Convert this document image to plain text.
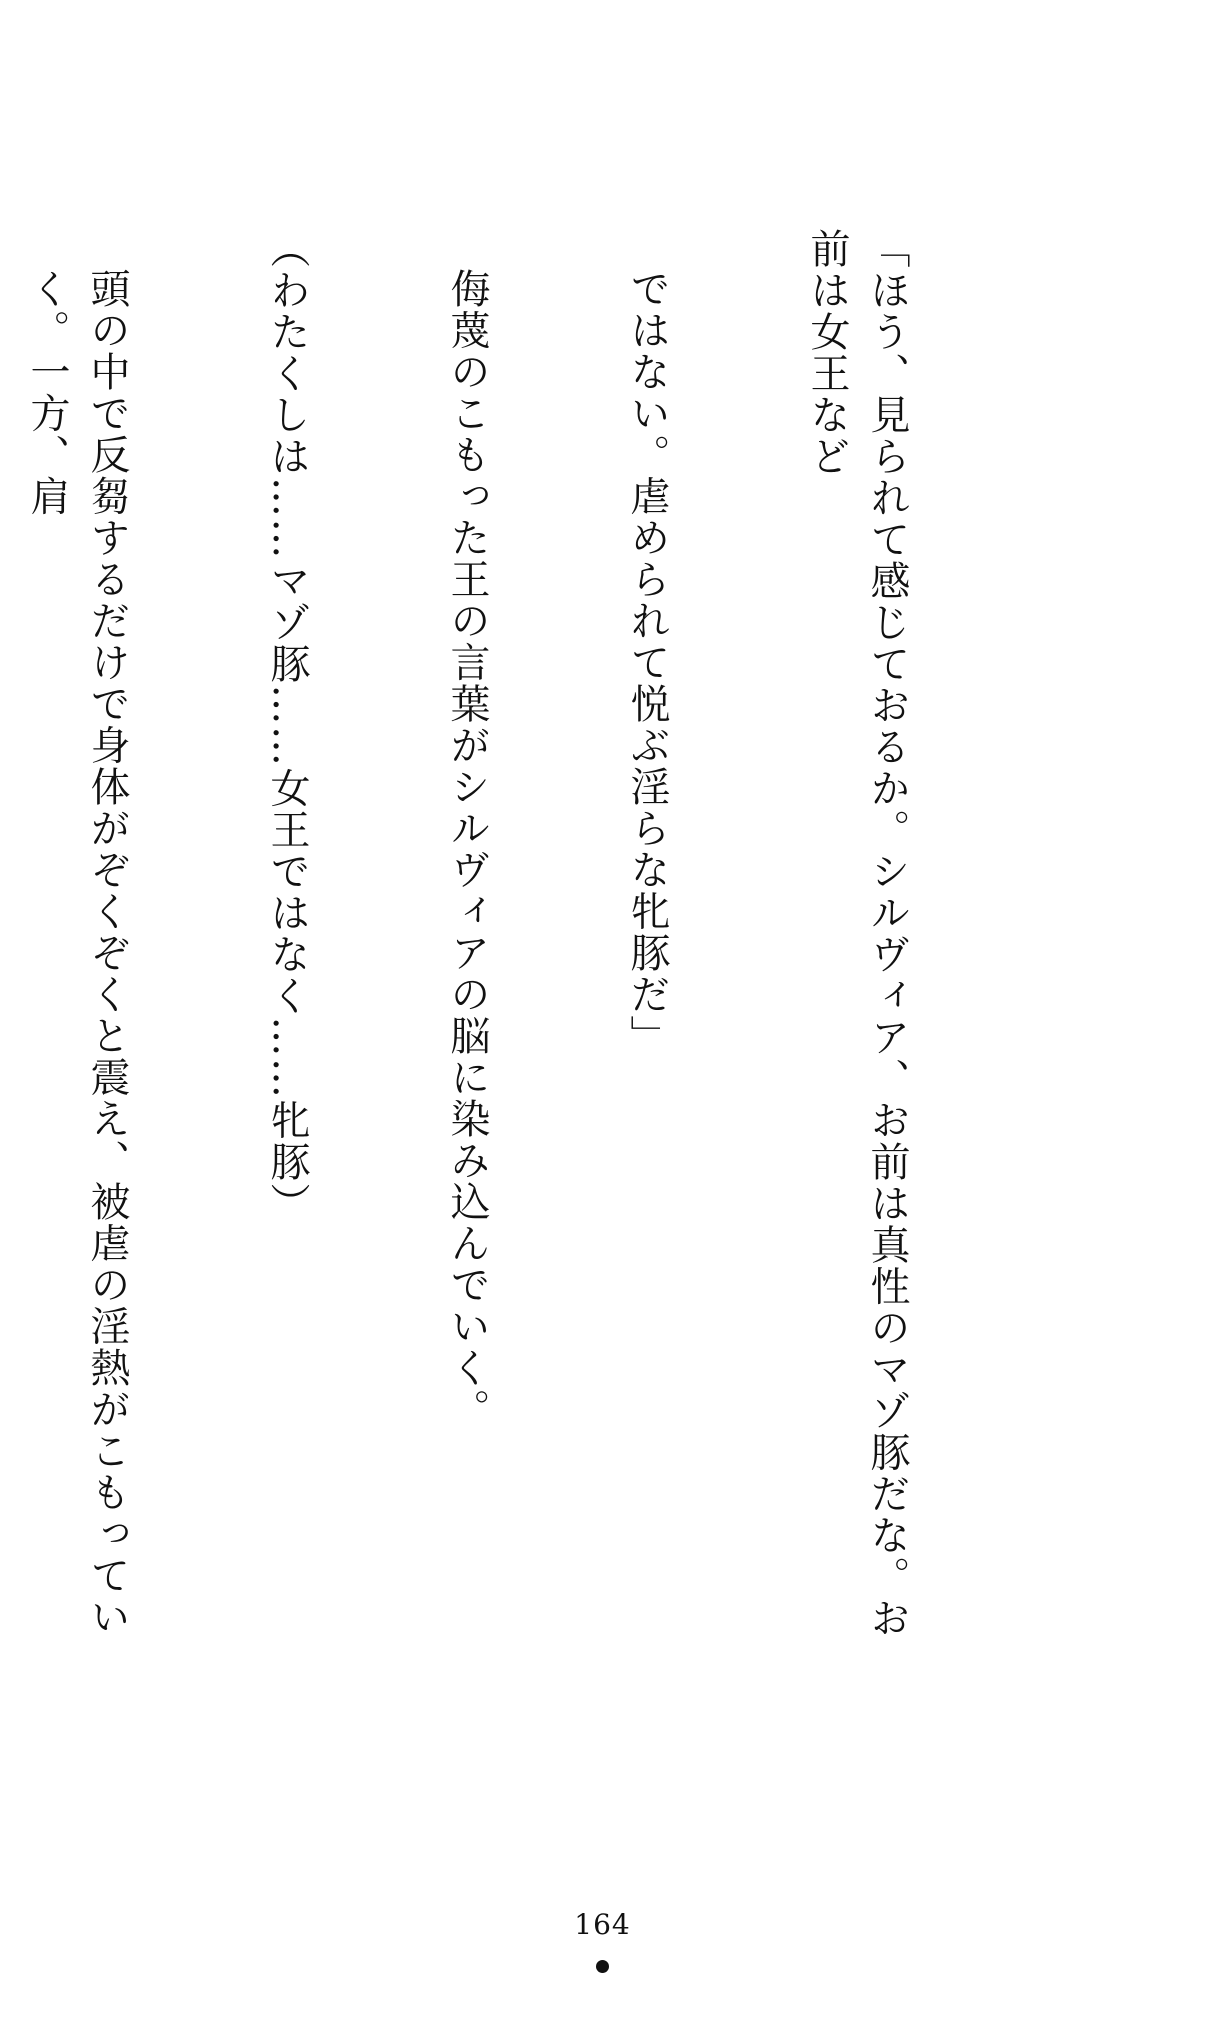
「ほう、見られて感じておるか。シルヴィア、お前は真性のマゾ豚だな。お前は女王など

ではない。虐められて悦ぶ淫らな牝豚だ」

侮蔑のこもった王の言葉がシルヴィアの脳に染み込んでいく。

（わたくしは……マゾ豚……女王ではなく……牝豚）

頭の中で反芻するだけで身体がぞくぞくと震え、被虐の淫熱がこもっていく。一方、肩

164
